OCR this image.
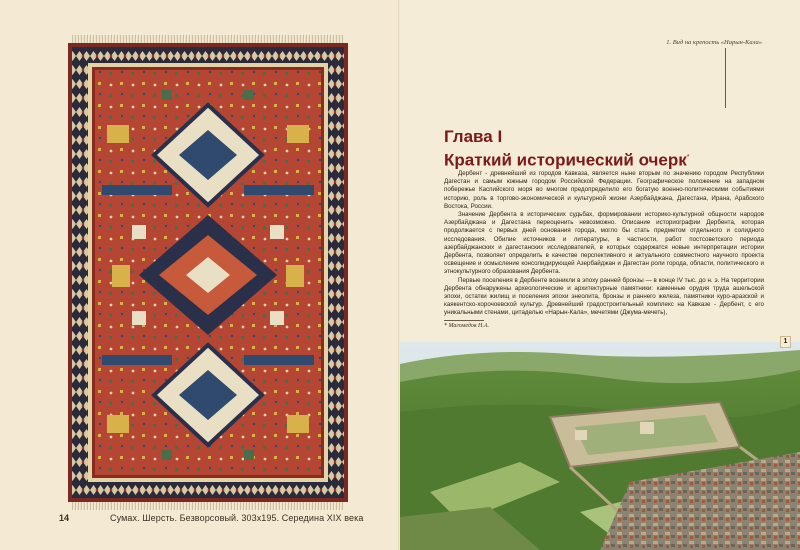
14	Сумах. Шерсть. Безворсовый. 303х195. Середина XIX века
1. Вид на крепость «Нарын-Кала»
Глава I
Краткий исторический очерк*

Дербент - древнейший из городов Кавказа, является ныне вторым по значению городом Республики Дагестан и самым южным городом Российской Федерации. Географическое положение на западном побережье Каспийского моря во многом предопределило его богатую военно-политическими событиями историю, роль в торгово-экономической и культурной жизни Азербайджана, Дагестана, Ирана, Арабского Востока, России.

Значение Дербента в исторических судьбах, формировании историко-культурной общности народов Азербайджана и Дагестана переоценить невозможно. Описание историографии Дербента, которая продолжается с первых дней основания города, могло бы стать предметом отдельного и солидного исследования. Обилие источников и литературы, в частности, работ постсоветского периода азербайджанских и дагестанских исследователей, в которых содержатся новые интерпретации истории Дербента, позволяет определить в качестве перспективного и актуального совместного научного проекта освещение и осмысление консолидирующей Азербайджан и Дагестан роли города, области, политического и этнокультурного образования Дербента.

Первые поселения в Дербенте возникли в эпоху ранней бронзы — в конце IV тыс. до н. э. На территории Дербента обнаружены археологические и архитектурные памятники: каменные орудия труда ашельской эпохи, остатки жилищ и поселения эпохи энеолита, бронзы и раннего железа, памятники куро-аразской и каякентско-хорочоевской культур. Древнейший градостроительный комплекс на Кавказе - Дербент, с его уникальными стенами, цитаделью «Нарын-Кала», мечетями (Джума-мечеть),

* Магомедов Н.А.
1
